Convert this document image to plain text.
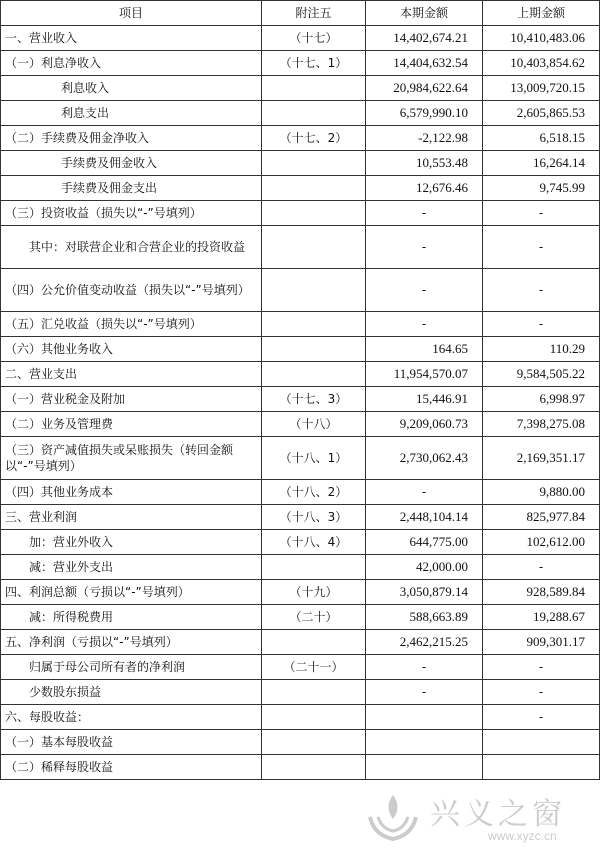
项目	附注五	本期金额	上期金额
一、营业收入	（十七）	14,402,674.21	10,410,483.06
（一）利息净收入	（十七、1）	14,404,632.54	10,403,854.62
利息收入		20,984,622.64	13,009,720.15
利息支出		6,579,990.10	2,605,865.53
（二）手续费及佣金净收入	（十七、2）	-2,122.98	6,518.15
手续费及佣金收入		10,553.48	16,264.14
手续费及佣金支出		12,676.46	9,745.99
（三）投资收益（损失以“-”号填列）		-	-
其中：对联营企业和合营企业的投资收益		-	-
（四）公允价值变动收益（损失以“-”号填列）		-	-
（五）汇兑收益（损失以“-”号填列）		-	-
（六）其他业务收入		164.65	110.29
二、营业支出		11,954,570.07	9,584,505.22
（一）营业税金及附加	（十七、3）	15,446.91	6,998.97
（二）业务及管理费	（十八）	9,209,060.73	7,398,275.08
（三）资产减值损失或呆账损失（转回金额以“-”号填列）	（十八、1）	2,730,062.43	2,169,351.17
（四）其他业务成本	（十八、2）	-	9,880.00
三、营业利润	（十八、3）	2,448,104.14	825,977.84
加：营业外收入	（十八、4）	644,775.00	102,612.00
减：营业外支出		42,000.00	-
四、利润总额（亏损以“-”号填列）	（十九）	3,050,879.14	928,589.84
减：所得税费用	（二十）	588,663.89	19,288.67
五、净利润（亏损以“-”号填列）		2,462,215.25	909,301.17
归属于母公司所有者的净利润	（二十一）	-	-
少数股东损益		-	-
六、每股收益：			-
（一）基本每股收益			
（二）稀释每股收益			
兴义之窗
www.xyzc.cn
